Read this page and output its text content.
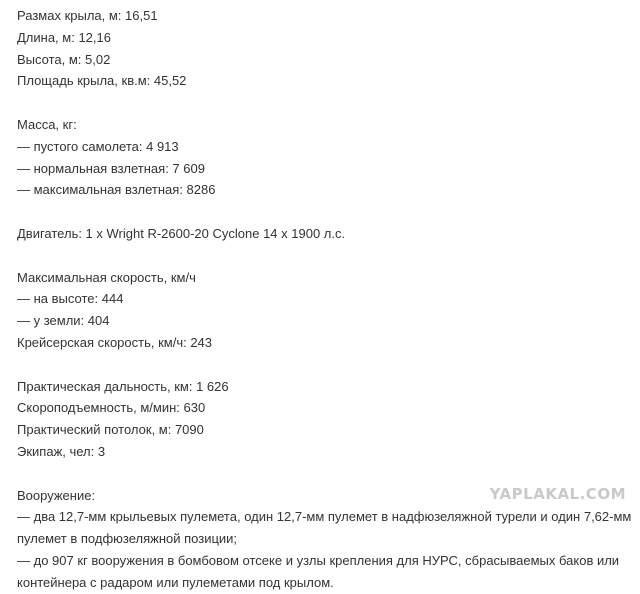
Размах крыла, м: 16,51
Длина, м: 12,16
Высота, м: 5,02
Площадь крыла, кв.м: 45,52
Масса, кг:
— пустого самолета: 4 913
— нормальная взлетная: 7 609
— максимальная взлетная: 8286
Двигатель: 1 x Wright R-2600-20 Cyclone 14 x 1900 л.с.
Максимальная скорость, км/ч
— на высоте: 444
— у земли: 404
Крейсерская скорость, км/ч: 243
Практическая дальность, км: 1 626
Скороподъемность, м/мин: 630
Практический потолок, м: 7090
Экипаж, чел: 3
Вооружение:
— два 12,7-мм крыльевых пулемета, один 12,7-мм пулемет в надфюзеляжной турели и один 7,62-мм пулемет в подфюзеляжной позиции;
— до 907 кг вооружения в бомбовом отсеке и узлы крепления для НУРС, сбрасываемых баков или контейнера с радаром или пулеметами под крылом.
YAPLAKAL.COM
